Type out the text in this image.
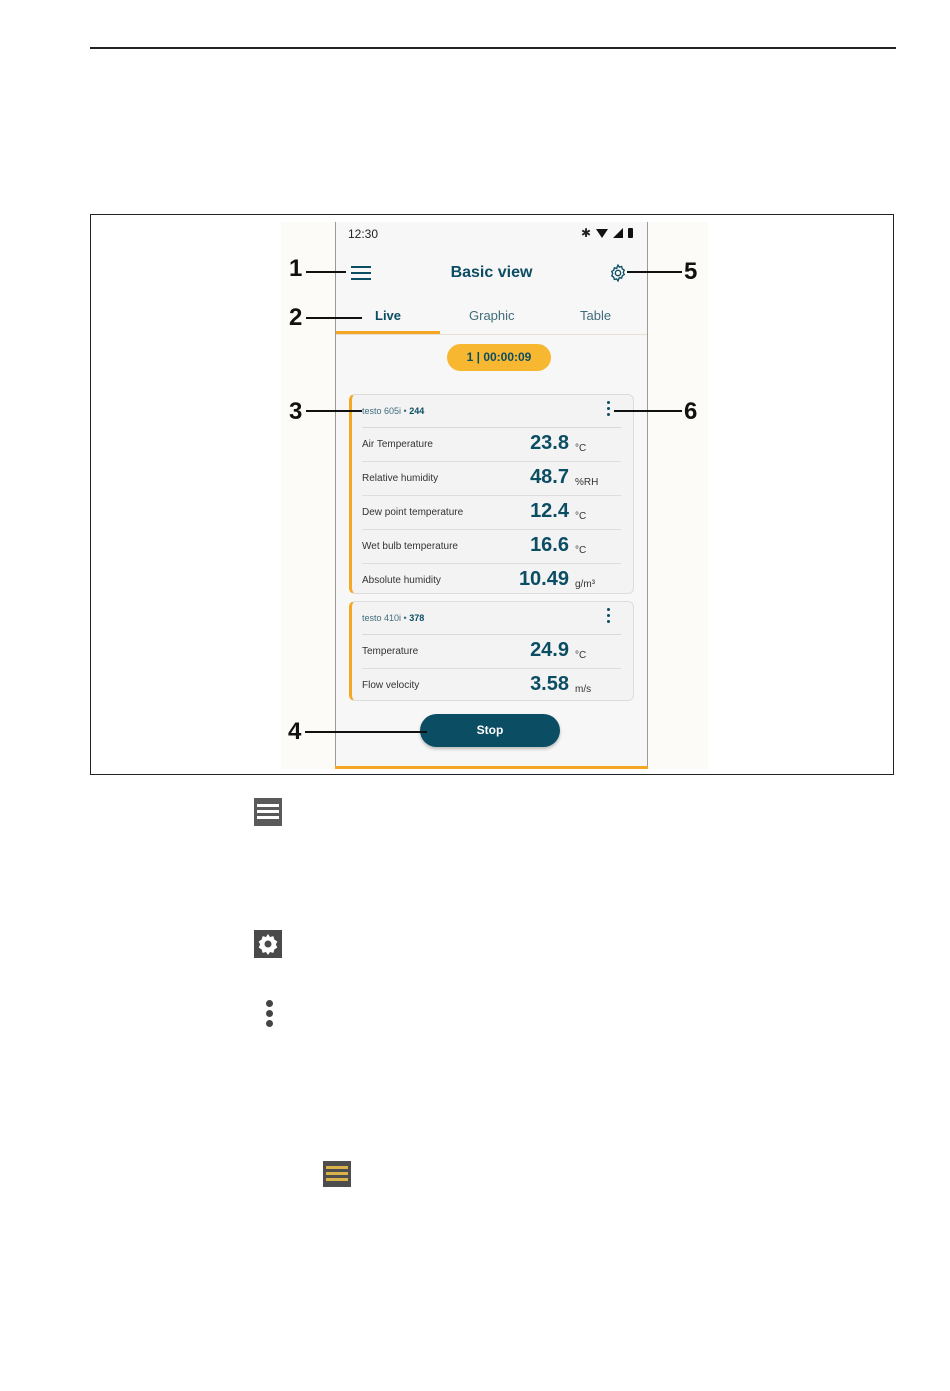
12:30	✱
Basic view
Live	Graphic	Table
1 | 00:00:09
testo 605i • 244
Air Temperature	23.8 °C
Relative humidity	48.7 %RH
Dew point temperature	12.4 °C
Wet bulb temperature	16.6 °C
Absolute humidity	10.49 g/m³
testo 410i • 378
Temperature	24.9 °C
Flow velocity	3.58 m/s
Stop
1
2
3
4
5
6
